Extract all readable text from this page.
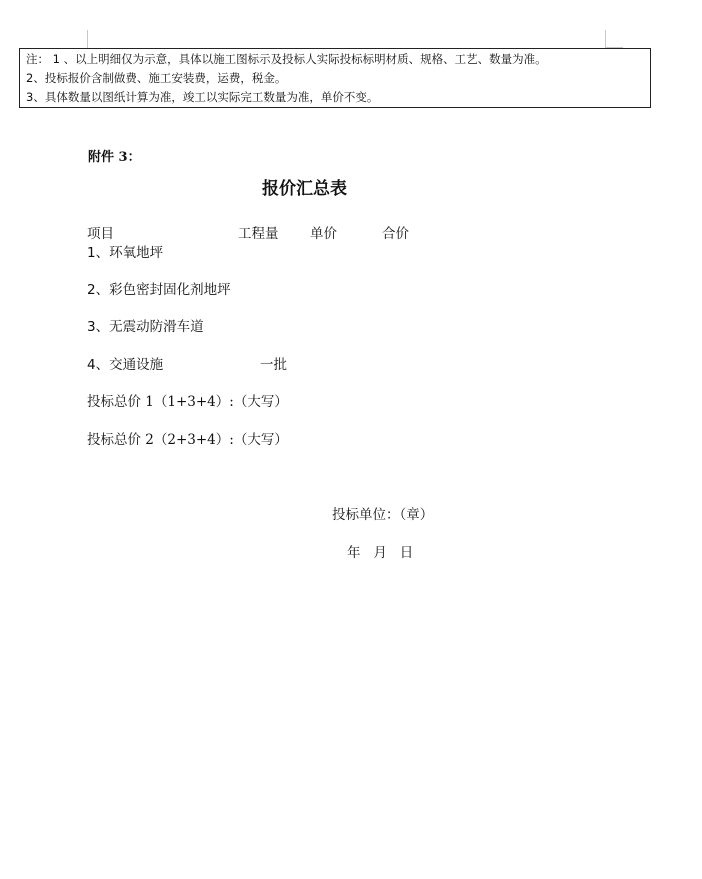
注： 1 、以上明细仅为示意，具体以施工图标示及投标人实际投标标明材质、规格、工艺、数量为准。
2、投标报价含制做费、施工安装费，运费，税金。
3、具体数量以图纸计算为准，竣工以实际完工数量为准，单价不变。
附件 3：
报价汇总表
项目	工程量 单价	合价
1、环氧地坪
2、彩色密封固化剂地坪
3、无震动防滑车道
4、交通设施	一批
投标总价 1（1+3+4）:（大写）
投标总价 2（2+3+4）:（大写）
投标单位：（章）
年   月   日
